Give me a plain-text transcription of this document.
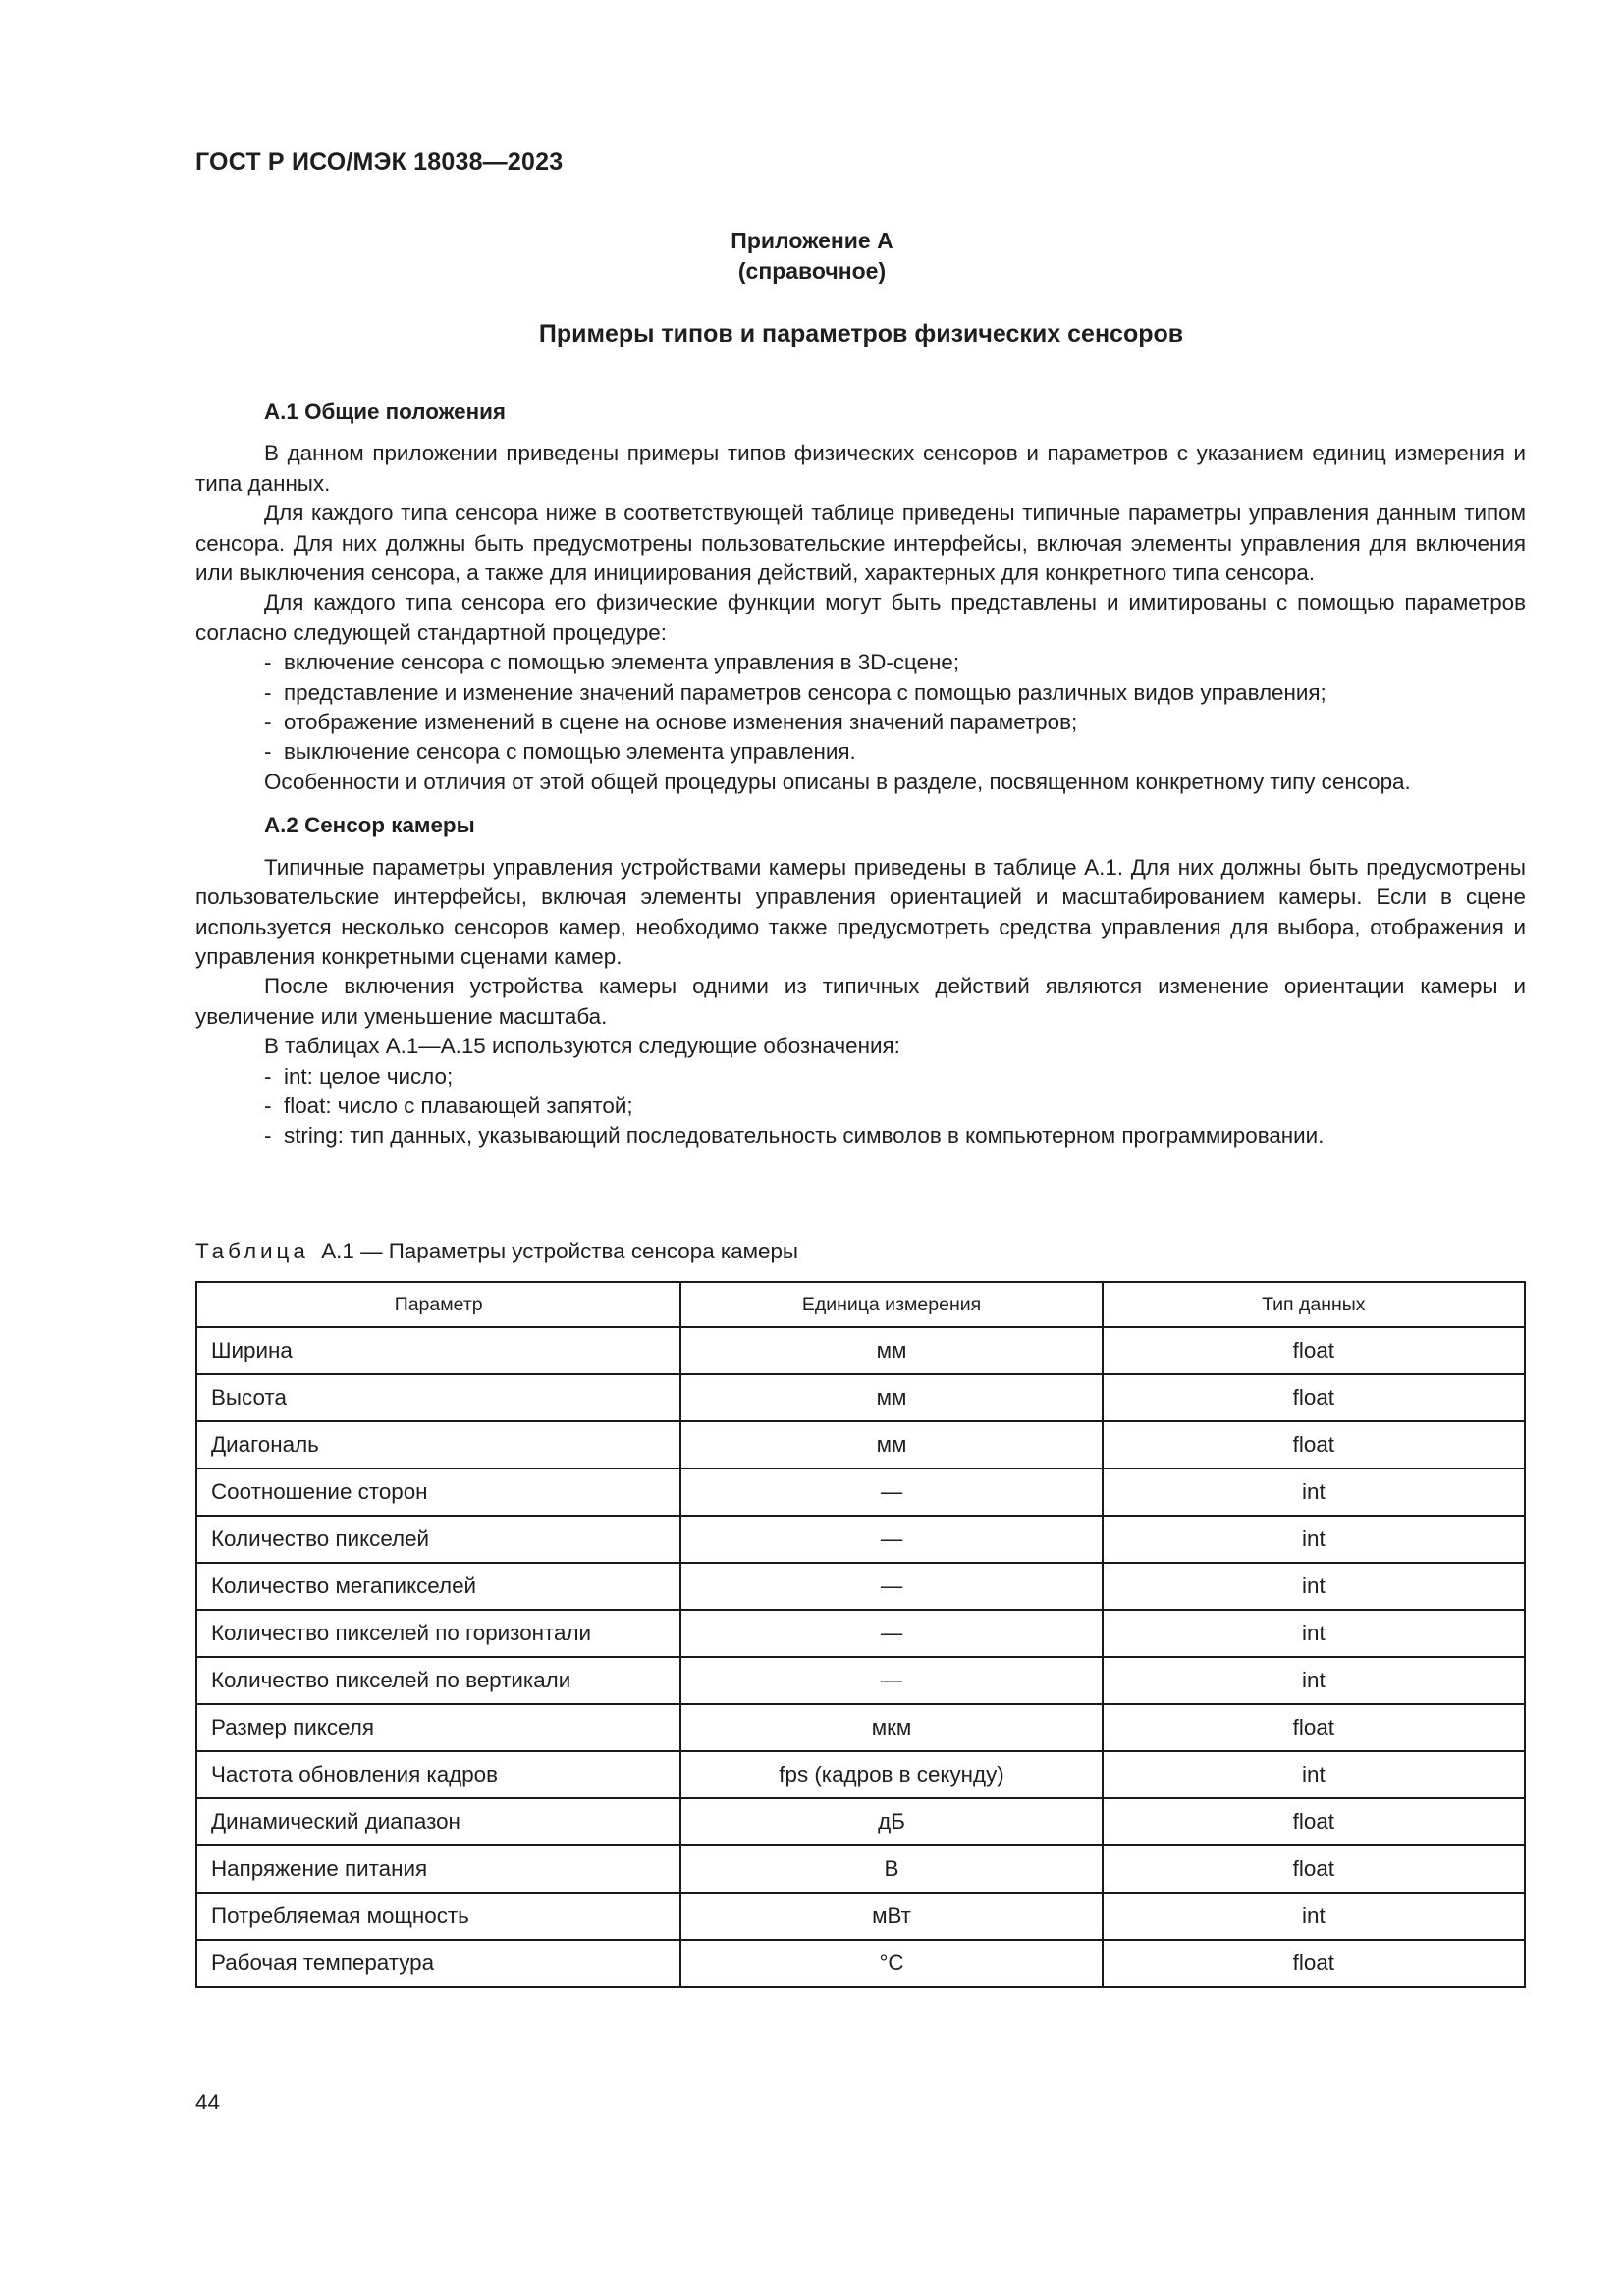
ГОСТ Р ИСО/МЭК 18038—2023
Приложение А
(справочное)
Примеры типов и параметров физических сенсоров
А.1 Общие положения

В данном приложении приведены примеры типов физических сенсоров и параметров с указанием единиц измерения и типа данных.

Для каждого типа сенсора ниже в соответствующей таблице приведены типичные параметры управления данным типом сенсора. Для них должны быть предусмотрены пользовательские интерфейсы, включая элементы управления для включения или выключения сенсора, а также для инициирования действий, характерных для конкретного типа сенсора.

Для каждого типа сенсора его физические функции могут быть представлены и имитированы с помощью параметров согласно следующей стандартной процедуре:

- включение сенсора с помощью элемента управления в 3D-сцене;
- представление и изменение значений параметров сенсора с помощью различных видов управления;
- отображение изменений в сцене на основе изменения значений параметров;
- выключение сенсора с помощью элемента управления.

Особенности и отличия от этой общей процедуры описаны в разделе, посвященном конкретному типу сенсора.

А.2 Сенсор камеры

Типичные параметры управления устройствами камеры приведены в таблице А.1. Для них должны быть предусмотрены пользовательские интерфейсы, включая элементы управления ориентацией и масштабированием камеры. Если в сцене используется несколько сенсоров камер, необходимо также предусмотреть средства управления для выбора, отображения и управления конкретными сценами камер.

После включения устройства камеры одними из типичных действий являются изменение ориентации камеры и увеличение или уменьшение масштаба.

В таблицах А.1—А.15 используются следующие обозначения:

- int: целое число;
- float: число с плавающей запятой;
- string: тип данных, указывающий последовательность символов в компьютерном программировании.
Таблица А.1 — Параметры устройства сенсора камеры
Параметр	Единица измерения	Тип данных
Ширина	мм	float
Высота	мм	float
Диагональ	мм	float
Соотношение сторон	—	int
Количество пикселей	—	int
Количество мегапикселей	—	int
Количество пикселей по горизонтали	—	int
Количество пикселей по вертикали	—	int
Размер пикселя	мкм	float
Частота обновления кадров	fps (кадров в секунду)	int
Динамический диапазон	дБ	float
Напряжение питания	В	float
Потребляемая мощность	мВт	int
Рабочая температура	°С	float
44
